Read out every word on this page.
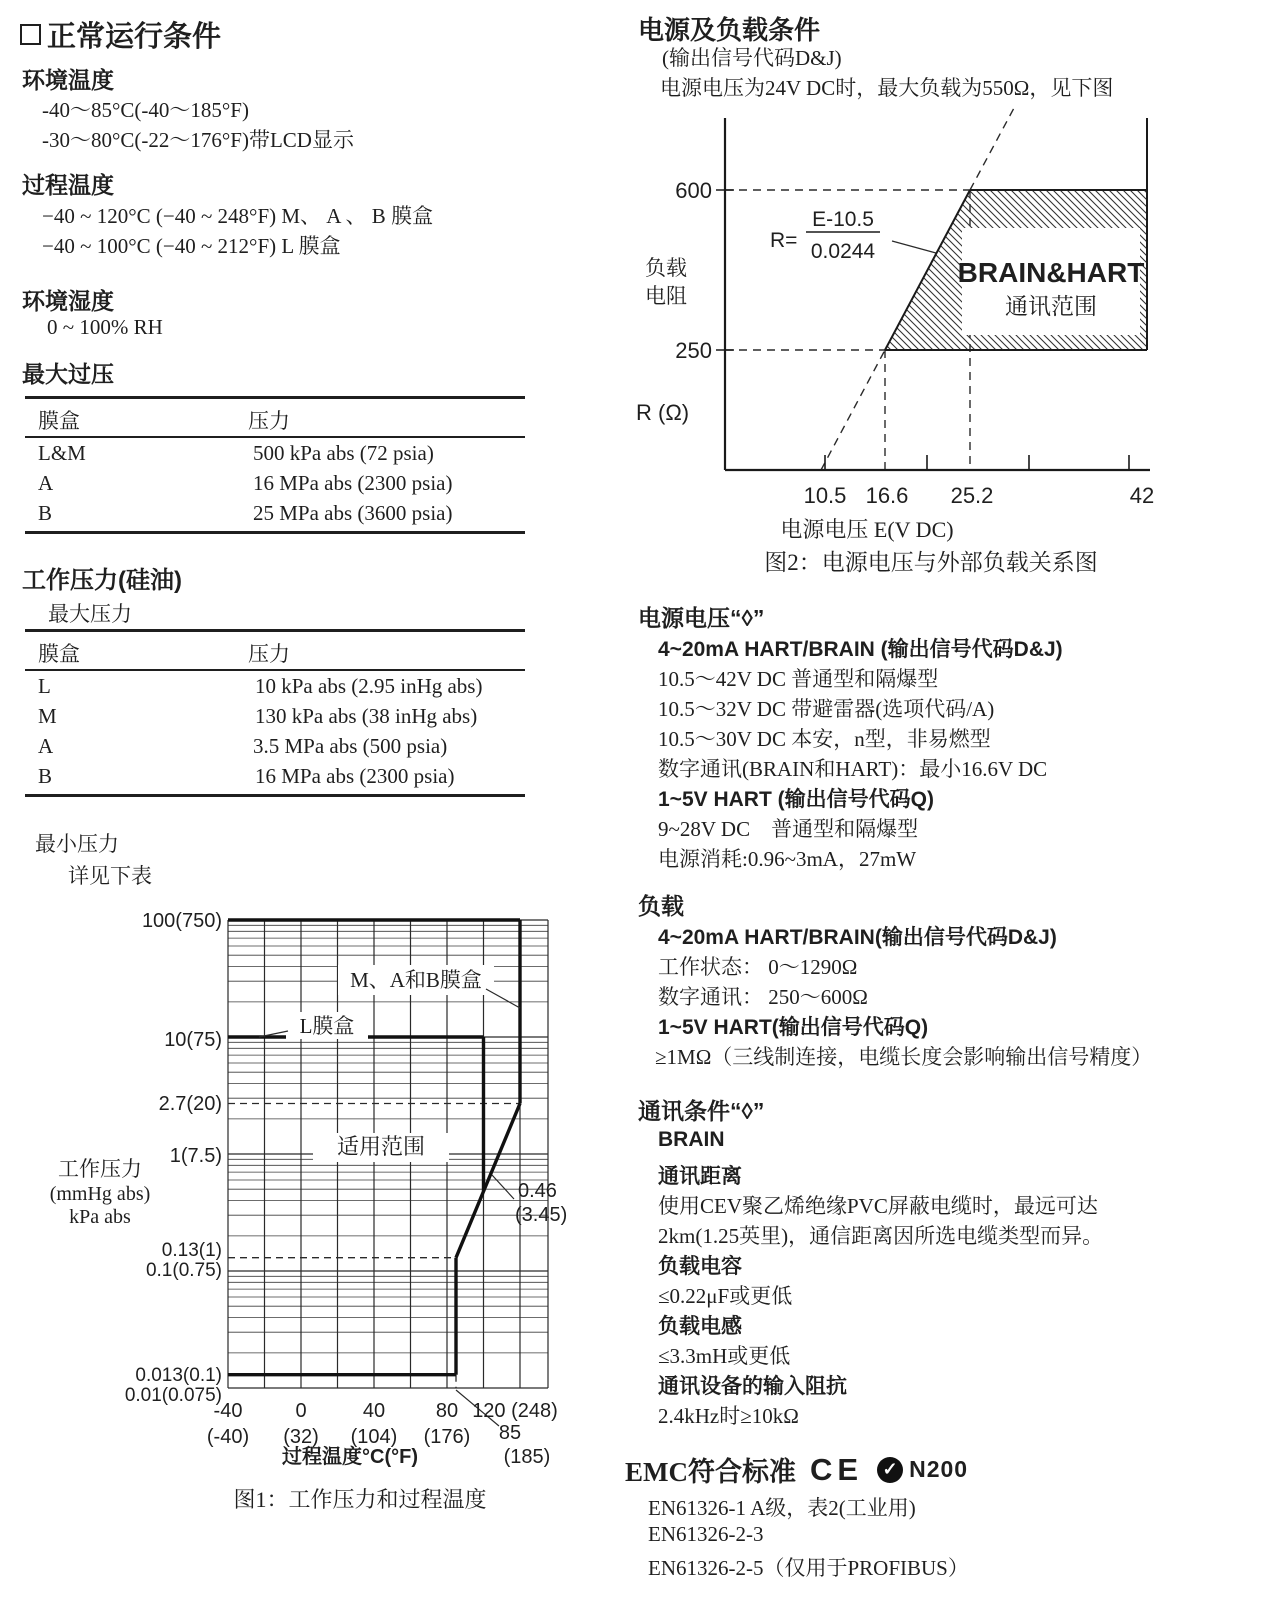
正常运行条件
环境温度
-40～85°C(-40～185°F)
-30～80°C(-22～176°F)带LCD显示
过程温度
−40 ~ 120°C (−40 ~ 248°F) M、 A 、 B 膜盒
−40 ~ 100°C (−40 ~ 212°F) L 膜盒
环境湿度
0 ~ 100% RH
最大过压
膜盒	压力
L&M	500 kPa abs (72 psia)
A	16 MPa abs (2300 psia)
B	25 MPa abs (3600 psia)
工作压力(硅油)
最大压力
膜盒	压力
L	10 kPa abs (2.95 inHg abs)
M	130 kPa abs (38 inHg abs)
A	3.5 MPa abs (500 psia)
B	16 MPa abs (2300 psia)
最小压力
详见下表
M、A和B膜盒
L膜盒
适用范围
0.46
(3.45)
100(750)
10(75)
2.7(20)
1(7.5)
0.13(1)
0.1(0.75)
0.013(0.1)
0.01(0.075)
工作压力
(mmHg abs)
kPa abs
-40	0	40	80 120 (248)
(-40) (32) (104) (176) 85
(185)
过程温度°C(°F)
图1：工作压力和过程温度
电源及负载条件
(输出信号代码D&J)
电源电压为24V DC时，最大负载为550Ω，见下图
R=
E-10.5
0.0244
BRAIN&HART
通讯范围
600
250
负载
电阻
R (Ω)
10.5 16.6 25.2	42
电源电压 E(V DC)
图2：电源电压与外部负载关系图
电源电压“◊”
4~20mA HART/BRAIN (输出信号代码D&J)
10.5～42V DC 普通型和隔爆型
10.5～32V DC 带避雷器(选项代码/A)
10.5～30V DC 本安，n型，非易燃型
数字通讯(BRAIN和HART)：最小16.6V DC
1~5V HART (输出信号代码Q)
9~28V DC　普通型和隔爆型
电源消耗:0.96~3mA，27mW
负载
4~20mA HART/BRAIN(输出信号代码D&J)
工作状态： 0～1290Ω
数字通讯： 250～600Ω
1~5V HART(输出信号代码Q)
≥1MΩ（三线制连接，电缆长度会影响输出信号精度）
通讯条件“◊”
BRAIN
通讯距离
使用CEV聚乙烯绝缘PVC屏蔽电缆时，最远可达
2km(1.25英里)，通信距离因所选电缆类型而异。
负载电容
≤0.22μF或更低
负载电感
≤3.3mH或更低
通讯设备的输入阻抗
2.4kHz时≥10kΩ
EMC符合标准 CE ✓ N200
EN61326-1 A级，表2(工业用)
EN61326-2-3
EN61326-2-5（仅用于PROFIBUS）
